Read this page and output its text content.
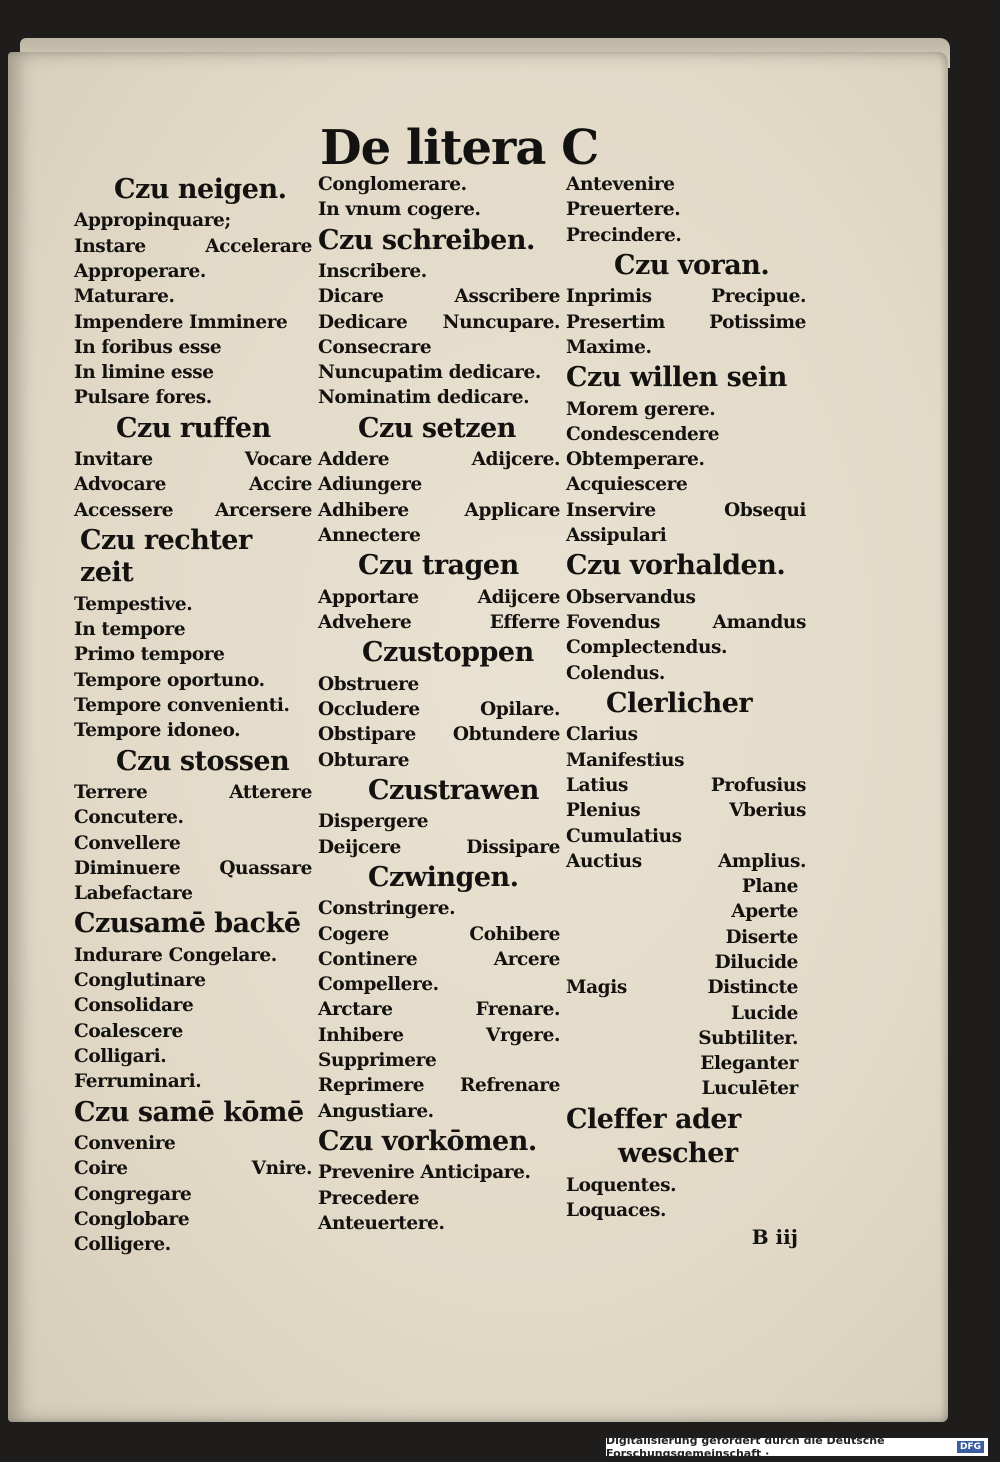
De litera C
Czu neigen.
Appropinquare;
Instare	Accelerare
Approperare.
Maturare.
Impendere Imminere
In foribus esse
In limine esse
Pulsare fores.
Czu ruffen
Invitare	Vocare
Advocare	Accire
Accessere Arcersere
Czu rechter zeit
Tempestive.
In tempore
Primo tempore
Tempore oportuno.
Tempore convenienti.
Tempore idoneo.
Czu stossen
Terrere	Atterere
Concutere.
Convellere
Diminuere Quassare
Labefactare
Czusamē backē
Indurare Congelare.
Conglutinare
Consolidare
Coalescere
Colligari.
Ferruminari.
Czu samē kōmē
Convenire
Coire	Vnire.
Congregare
Conglobare
Colligere.
Conglomerare.
In vnum cogere.
Czu schreiben.
Inscribere.
Dicare	Asscribere
Dedicare Nuncupare.
Consecrare
Nuncupatim dedicare.
Nominatim dedicare.
Czu setzen
Addere	Adijcere.
Adiungere
Adhibere	Applicare
Annectere
Czu tragen
Apportare	Adijcere
Advehere	Efferre
Czustoppen
Obstruere
Occludere	Opilare.
Obstipare Obtundere
Obturare
Czustrawen
Dispergere
Deijcere	Dissipare
Czwingen.
Constringere.
Cogere	Cohibere
Continere	Arcere
Compellere.
Arctare	Frenare.
Inhibere	Vrgere.
Supprimere
Reprimere Refrenare
Angustiare.
Czu vorkōmen.
Prevenire Anticipare.
Precedere
Anteuertere.
Antevenire
Preuertere.
Precindere.
Czu voran.
Inprimis	Precipue.
Presertim Potissime
Maxime.
Czu willen sein
Morem gerere.
Condescendere
Obtemperare.
Acquiescere
Inservire	Obsequi
Assipulari
Czu vorhalden.
Observandus
Fovendus	Amandus
Complectendus.
Colendus.
Clerlicher
Clarius
Manifestius
Latius	Profusius
Plenius	Vberius
Cumulatius
Auctius	Amplius.
Plane
Aperte
Diserte
Dilucide
Magis	Distincte
Lucide
Subtiliter.
Eleganter
Luculēter
Cleffer ader
wescher
Loquentes.
Loquaces.
B iij
Digitalisierung gefördert durch die Deutsche Forschungsgemeinschaft ·	DFG
